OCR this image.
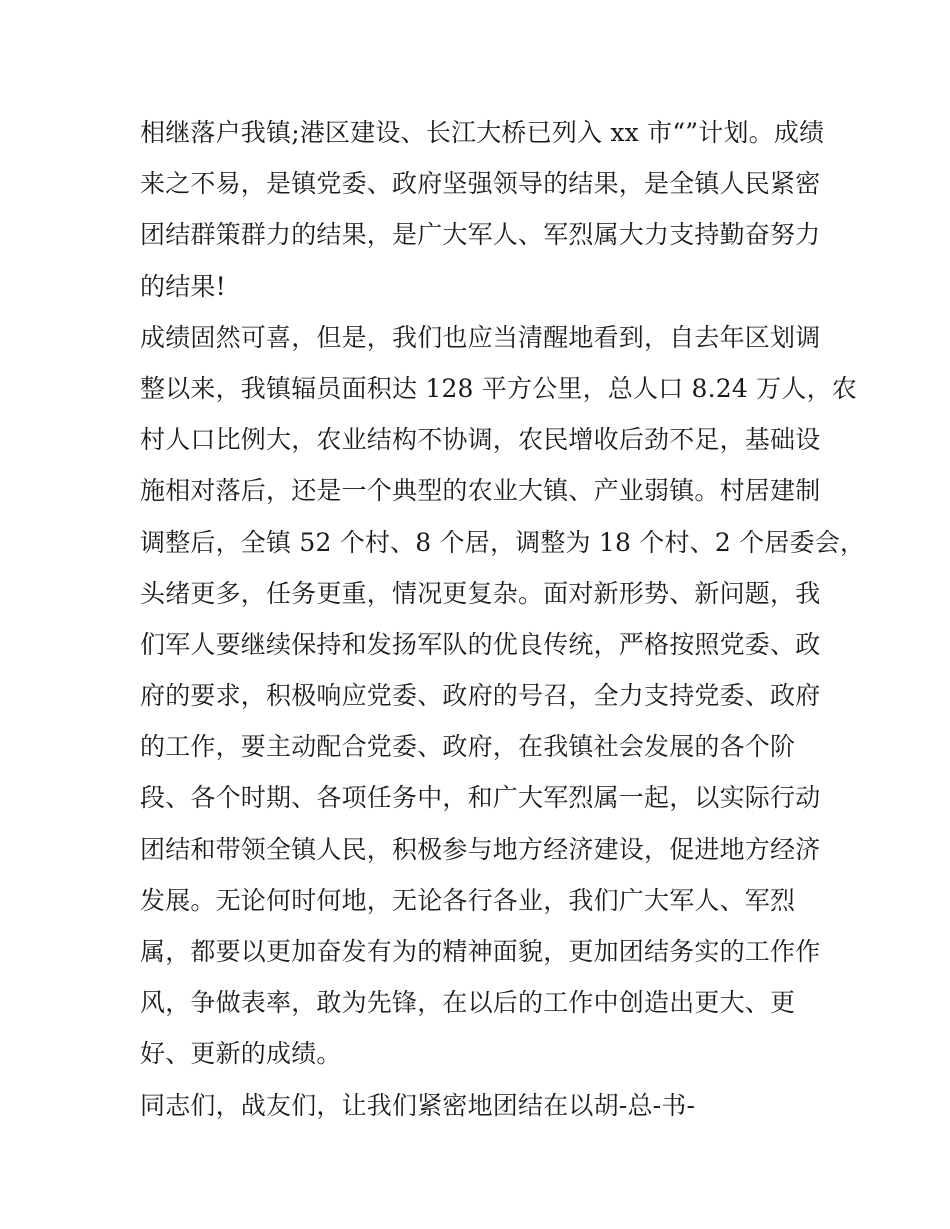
相继落户我镇;港区建设、长江大桥已列入 xx 市“”计划。成绩
来之不易，是镇党委、政府坚强领导的结果，是全镇人民紧密
团结群策群力的结果，是广大军人、军烈属大力支持勤奋努力
的结果!
成绩固然可喜，但是，我们也应当清醒地看到，自去年区划调
整以来，我镇辐员面积达 128 平方公里，总人口 8.24 万人，农
村人口比例大，农业结构不协调，农民增收后劲不足，基础设
施相对落后，还是一个典型的农业大镇、产业弱镇。村居建制
调整后，全镇 52 个村、8 个居，调整为 18 个村、2 个居委会，
头绪更多，任务更重，情况更复杂。面对新形势、新问题，我
们军人要继续保持和发扬军队的优良传统，严格按照党委、政
府的要求，积极响应党委、政府的号召，全力支持党委、政府
的工作，要主动配合党委、政府，在我镇社会发展的各个阶
段、各个时期、各项任务中，和广大军烈属一起，以实际行动
团结和带领全镇人民，积极参与地方经济建设，促进地方经济
发展。无论何时何地，无论各行各业，我们广大军人、军烈
属，都要以更加奋发有为的精神面貌，更加团结务实的工作作
风，争做表率，敢为先锋，在以后的工作中创造出更大、更
好、更新的成绩。
同志们，战友们，让我们紧密地团结在以胡-总-书-
